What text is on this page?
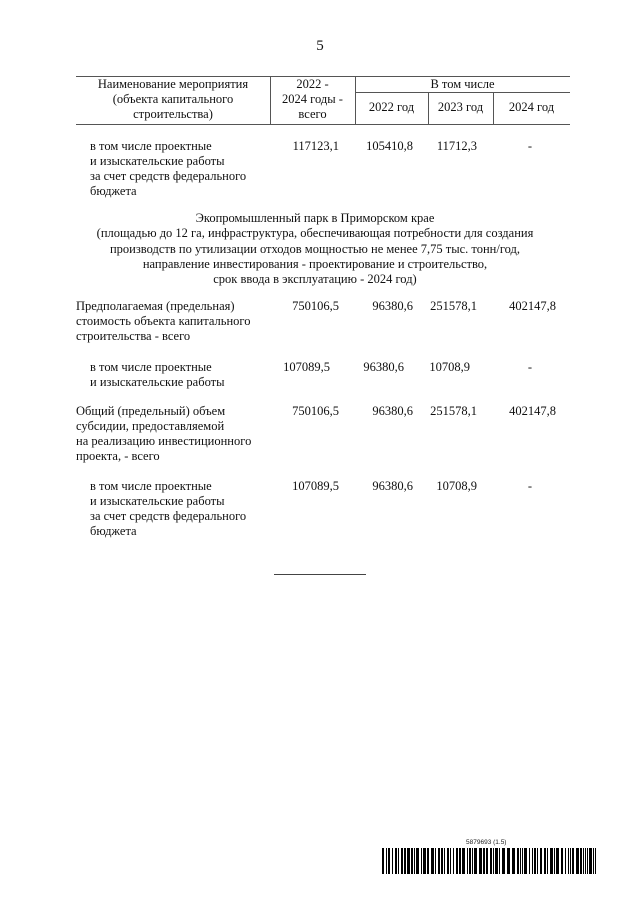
5
Наименование мероприятия
(объекта капитального
строительства)
2022 -
2024 годы -
всего
В том числе
2022 год	2023 год	2024 год
в том числе проектные
и изыскательские работы
за счет средств федерального
бюджета
117123,1	105410,8	11712,3	-
Экопромышленный парк в Приморском крае
(площадью до 12 га, инфраструктура, обеспечивающая потребности для создания
производств по утилизации отходов мощностью не менее 7,75 тыс. тонн/год,
направление инвестирования - проектирование и строительство,
срок ввода в эксплуатацию - 2024 год)
Предполагаемая (предельная)
стоимость объекта капитального
строительства - всего
750106,5	96380,6	251578,1	402147,8
в том числе проектные
и изыскательские работы
107089,5	96380,6	10708,9	-
Общий (предельный) объем
субсидии, предоставляемой
на реализацию инвестиционного
проекта, - всего
750106,5	96380,6	251578,1	402147,8
в том числе проектные
и изыскательские работы
за счет средств федерального
бюджета
107089,5	96380,6	10708,9	-
5879693 (1.5)
